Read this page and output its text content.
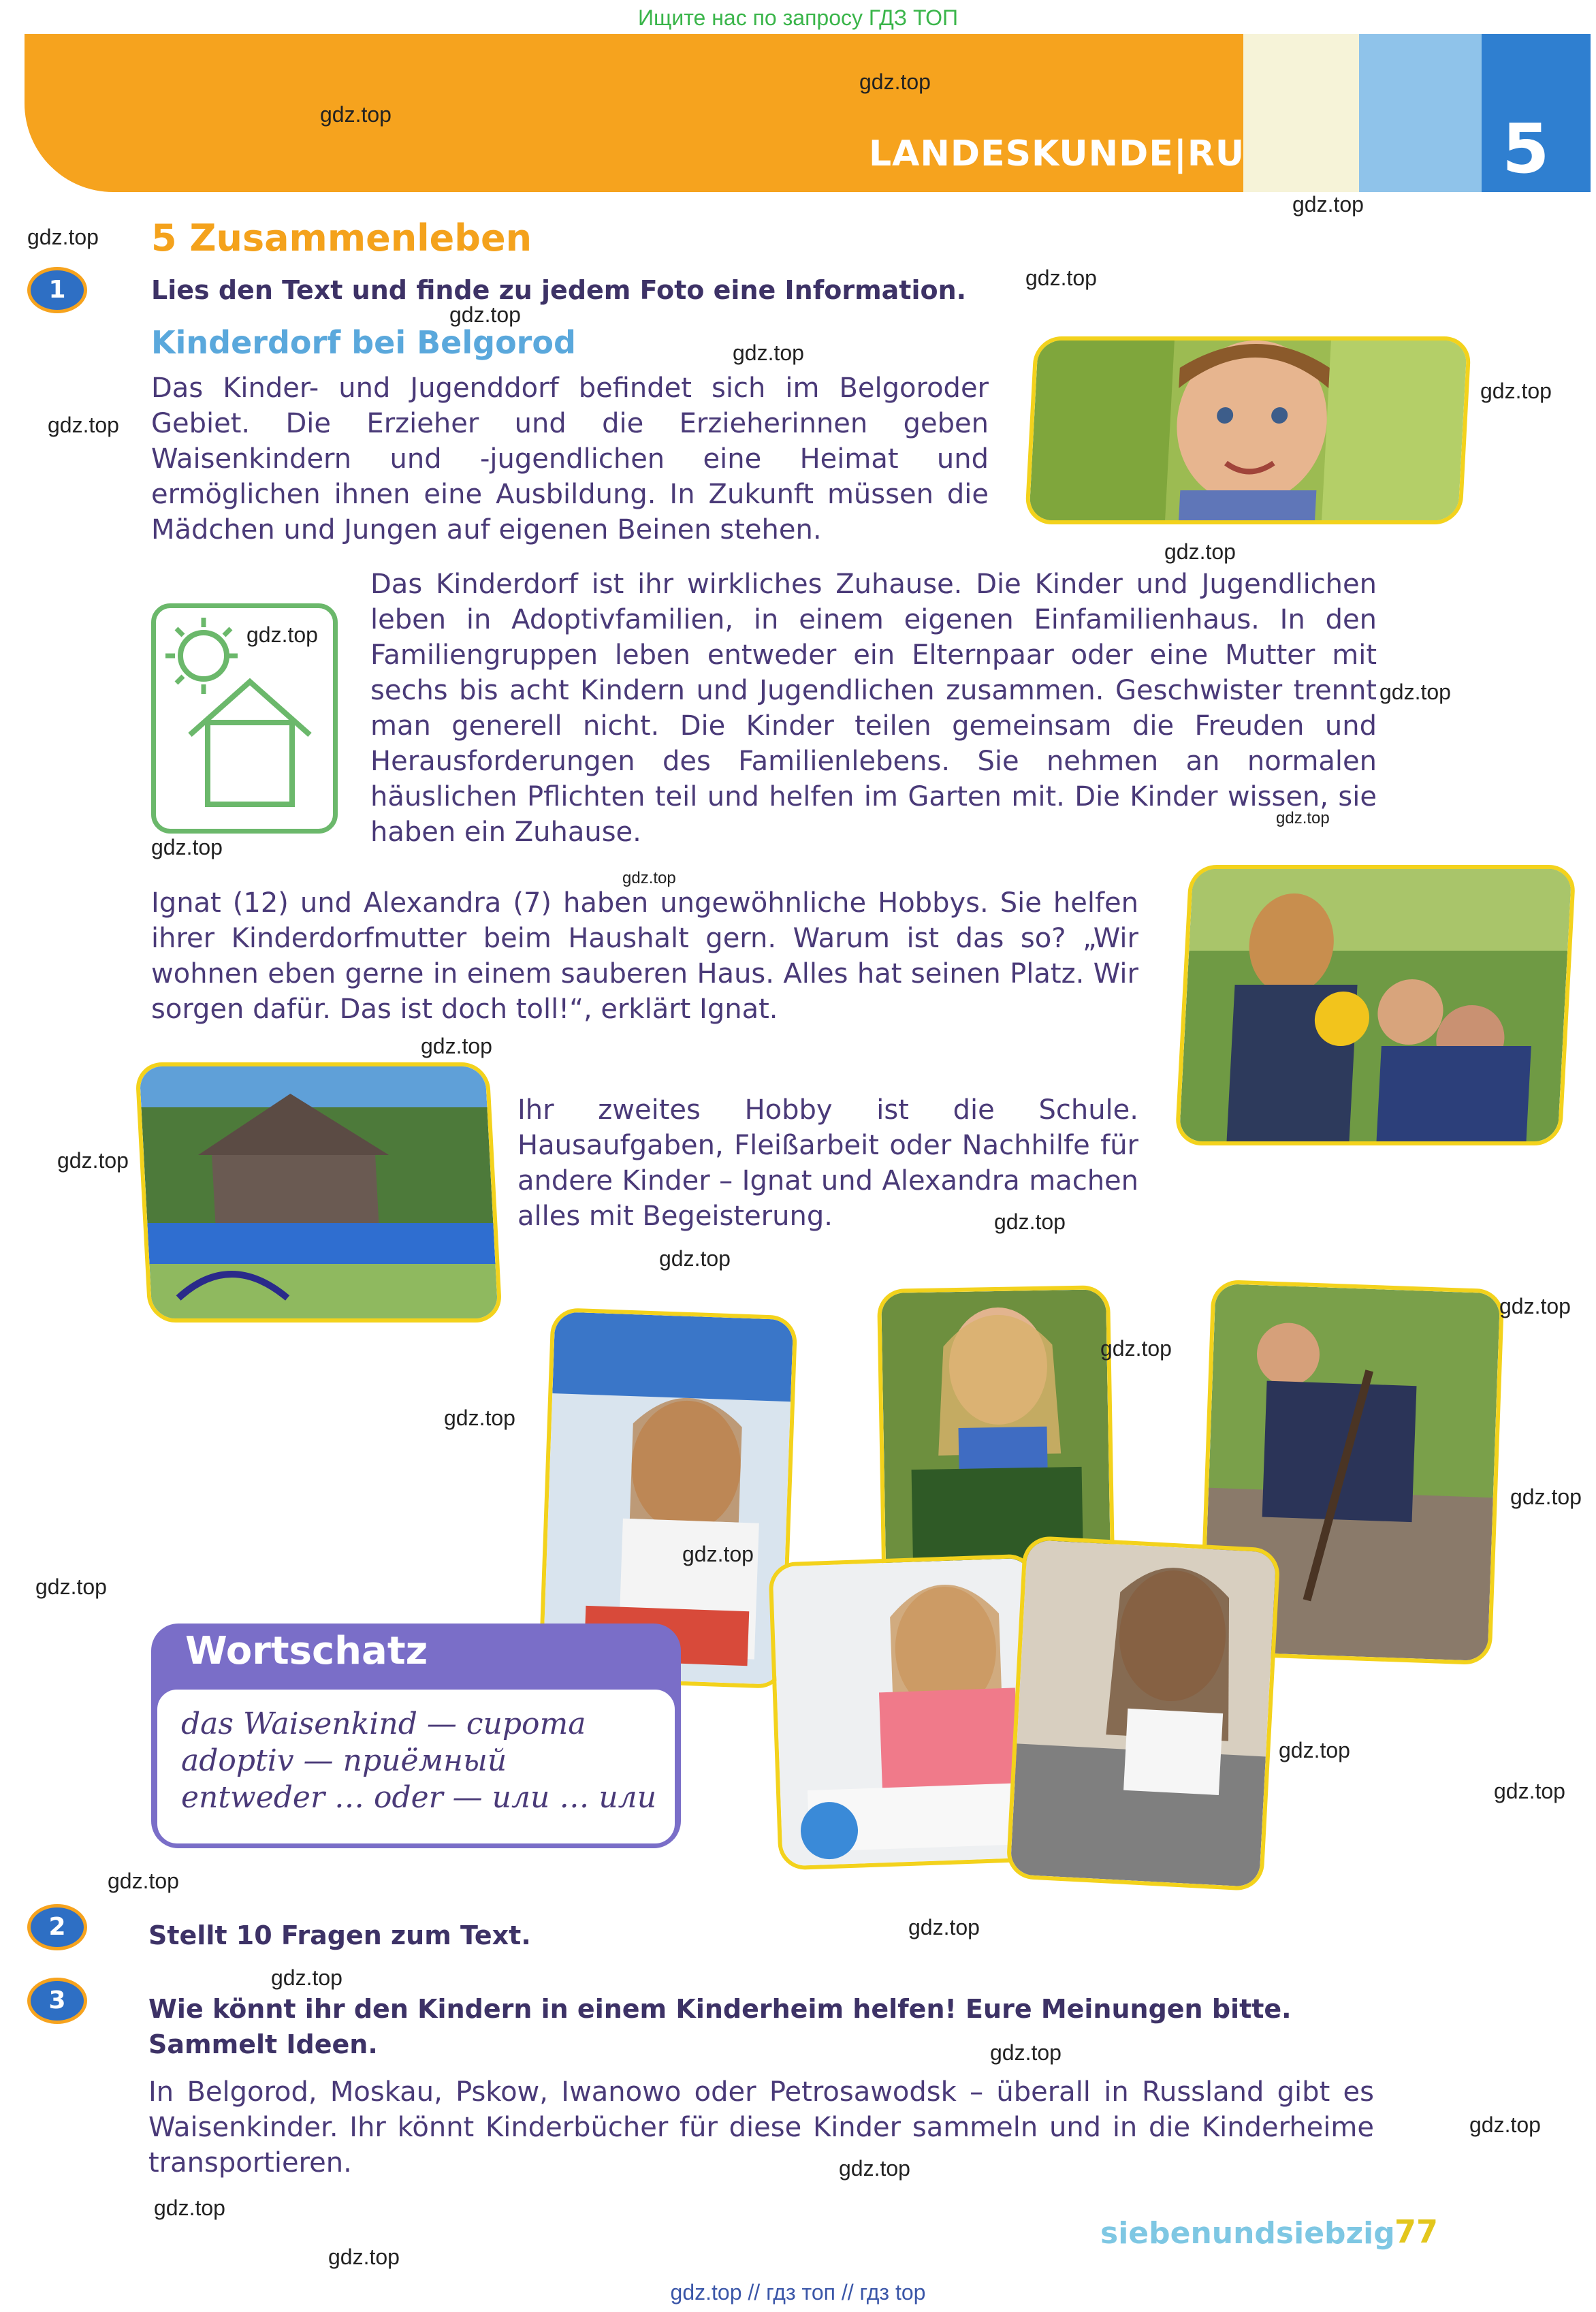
Ищите нас по запросу ГДЗ ТОП
LANDESKUNDE|RU	5
5 Zusammenleben
1	Lies den Text und finde zu jedem Foto eine Information.
Kinderdorf bei Belgorod
Das Kinder- und Jugenddorf befindet sich im Belgoroder Gebiet. Die Erzieher und die Erzieherinnen geben Waisenkindern und -jugendlichen eine Heimat und ermöglichen ihnen eine Ausbildung. In Zukunft müssen die Mädchen und Jungen auf eigenen Beinen stehen.
Das Kinderdorf ist ihr wirkliches Zuhause. Die Kinder und Jugendlichen leben in Adoptivfamilien, in einem eigenen Einfamilienhaus. In den Familiengruppen leben entweder ein Elternpaar oder eine Mutter mit sechs bis acht Kindern und Jugendlichen zusammen. Geschwister trennt man generell nicht. Die Kinder teilen gemeinsam die Freuden und Herausforderungen des Familienlebens. Sie nehmen an normalen häuslichen Pflichten teil und helfen im Garten mit. Die Kinder wissen, sie haben ein Zuhause.
Ignat (12) und Alexandra (7) haben ungewöhnliche Hobbys. Sie helfen ihrer Kinderdorfmutter beim Haushalt gern. Warum ist das so? „Wir wohnen eben gerne in einem sauberen Haus. Alles hat seinen Platz. Wir sorgen dafür. Das ist doch toll!“, erklärt Ignat.
Ihr zweites Hobby ist die Schule. Hausaufgaben, Fleißarbeit oder Nachhilfe für andere Kinder – Ignat und Alexandra machen alles mit Begeisterung.
Wortschatz
das Waisenkind — сирота
adoptiv — приёмный
entweder … oder — или … или
2	Stellt 10 Fragen zum Text.
3	Wie könnt ihr den Kindern in einem Kinderheim helfen! Eure Meinungen bitte. Sammelt Ideen.
In Belgorod, Moskau, Pskow, Iwanowo oder Petrosawodsk – überall in Russland gibt es Waisenkinder. Ihr könnt Kinderbücher für diese Kinder sammeln und in die Kinderheime transportieren.
siebenundsiebzig 77
gdz.top // гдз топ // гдз top
gdz.top
gdz.top
gdz.top
gdz.top
gdz.top
gdz.top
gdz.top
gdz.top
gdz.top
gdz.top
gdz.top
gdz.top
gdz.top
gdz.top
gdz.top
gdz.top
gdz.top
gdz.top
gdz.top
gdz.top
gdz.top
gdz.top
gdz.top
gdz.top
gdz.top
gdz.top
gdz.top
gdz.top
gdz.top
gdz.top
gdz.top
gdz.top
gdz.top
gdz.top
gdz.top
